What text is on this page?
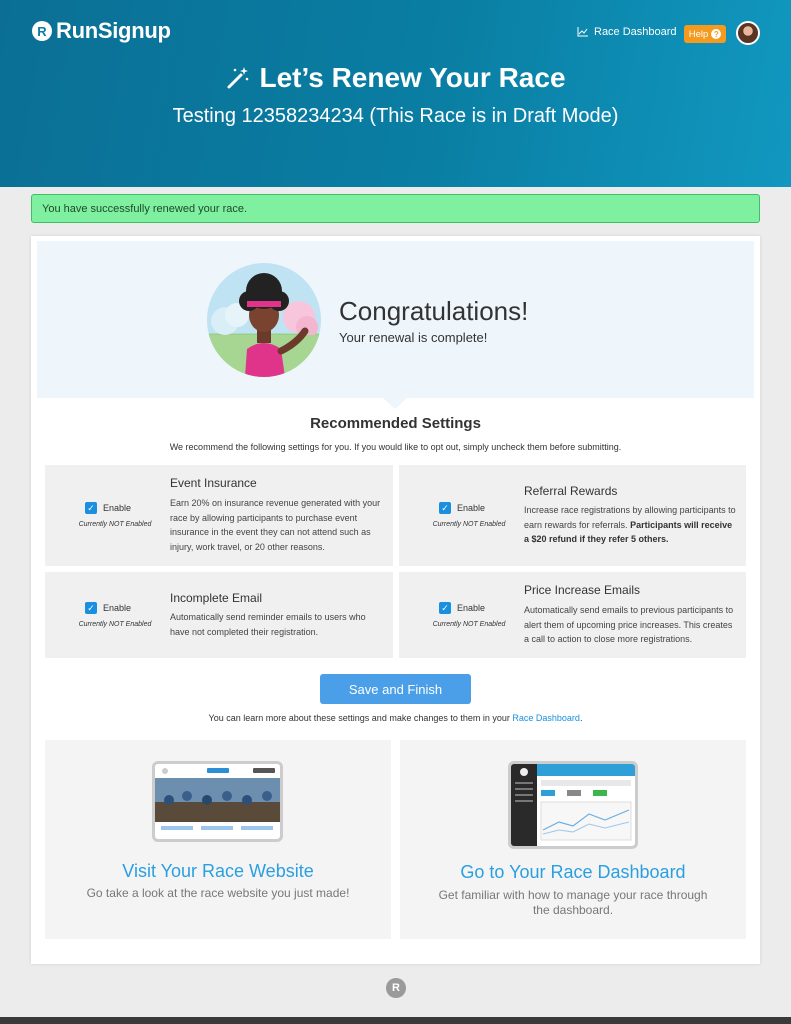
R RunSignup	Race Dashboard Help ?
Let’s Renew Your Race
Testing 12358234234 (This Race is in Draft Mode)
You have successfully renewed your race.
Congratulations!
Your renewal is complete!
Recommended Settings
We recommend the following settings for you. If you would like to opt out, simply uncheck them before submitting.
✓ Enable
Currently NOT Enabled
Event Insurance
Earn 20% on insurance revenue generated with your race by allowing participants to purchase event insurance in the event they can not attend such as injury, work travel, or 20 other reasons.
✓ Enable
Currently NOT Enabled
Referral Rewards
Increase race registrations by allowing participants to earn rewards for referrals. Participants will receive a $20 refund if they refer 5 others.
✓ Enable
Currently NOT Enabled
Incomplete Email
Automatically send reminder emails to users who have not completed their registration.
✓ Enable
Currently NOT Enabled
Price Increase Emails
Automatically send emails to previous participants to alert them of upcoming price increases. This creates a call to action to close more registrations.
Save and Finish
You can learn more about these settings and make changes to them in your Race Dashboard.
Visit Your Race Website
Go take a look at the race website you just made!
Go to Your Race Dashboard
Get familiar with how to manage your race through the dashboard.
R
